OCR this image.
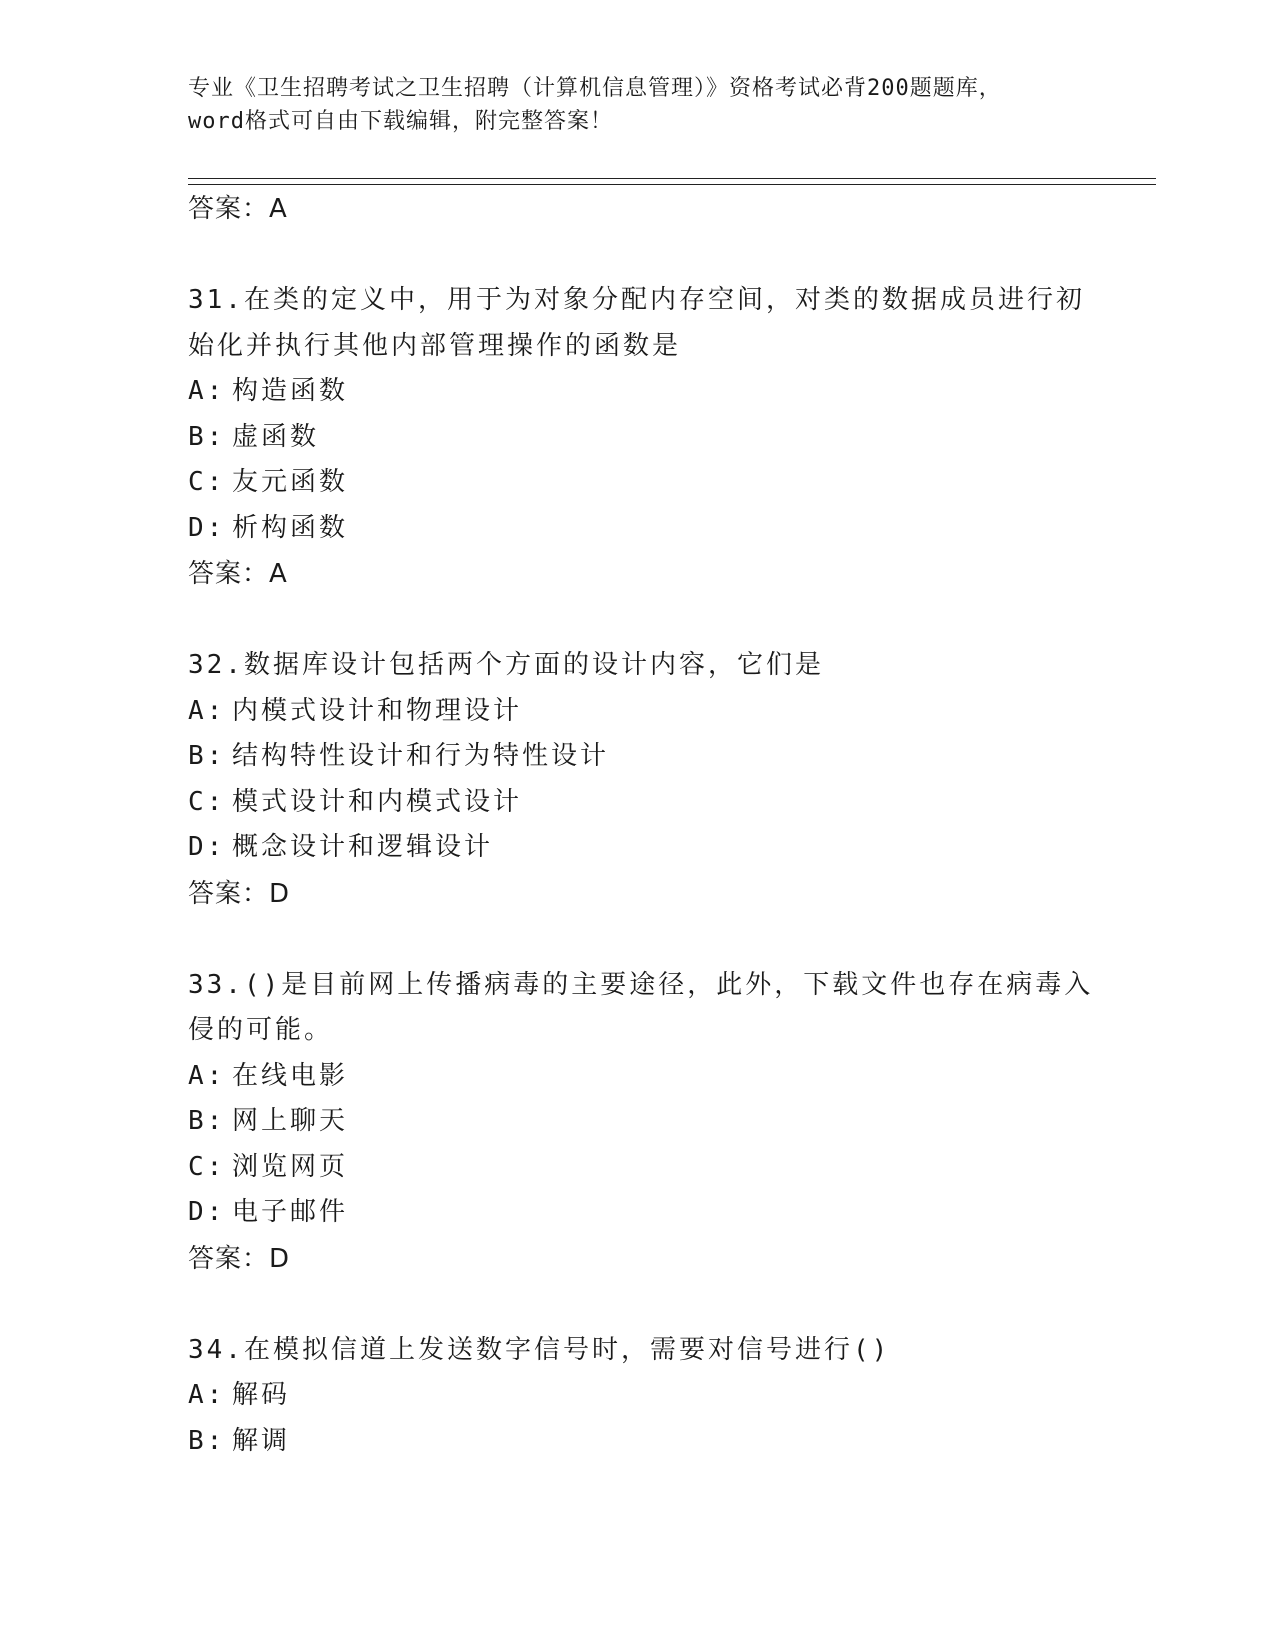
专业《卫生招聘考试之卫生招聘（计算机信息管理）》资格考试必背200题题库，
word格式可自由下载编辑，附完整答案！
答案：A
31.在类的定义中，用于为对象分配内存空间，对类的数据成员进行初
始化并执行其他内部管理操作的函数是
A: 构造函数
B: 虚函数
C: 友元函数
D: 析构函数
答案：A
32.数据库设计包括两个方面的设计内容，它们是
A: 内模式设计和物理设计
B: 结构特性设计和行为特性设计
C: 模式设计和内模式设计
D: 概念设计和逻辑设计
答案：D
33.()是目前网上传播病毒的主要途径，此外，下载文件也存在病毒入
侵的可能。
A: 在线电影
B: 网上聊天
C: 浏览网页
D: 电子邮件
答案：D
34.在模拟信道上发送数字信号时，需要对信号进行()
A: 解码
B: 解调
